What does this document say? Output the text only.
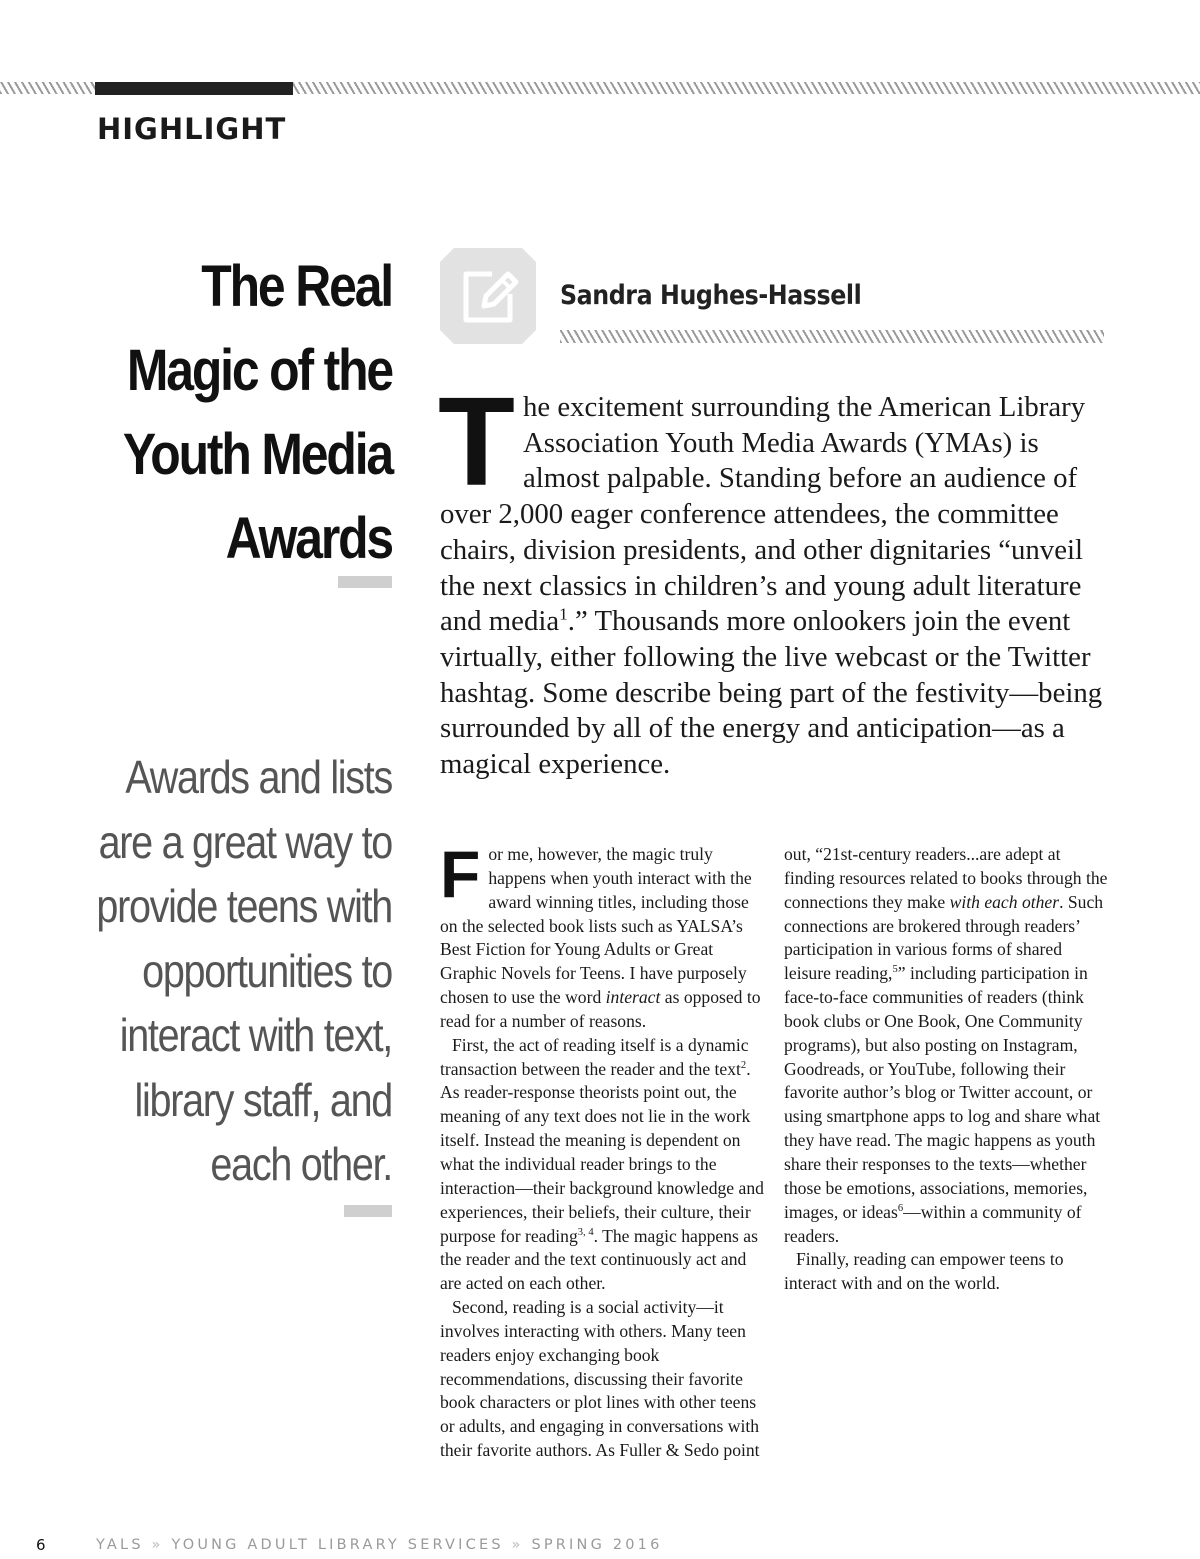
HIGHLIGHT
The Real Magic of the Youth Media Awards
Awards and lists are a great way to provide teens with opportunities to interact with text, library staff, and each other.
Sandra Hughes-Hassell

The excitement surrounding the American Library Association Youth Media Awards (YMAs) is almost palpable. Standing before an audience of over 2,000 eager conference attendees, the committee chairs, division presidents, and other dignitaries “unveil the next classics in children’s and young adult literature and media$^1$.” Thousands more onlookers join the event virtually, either following the live webcast or the Twitter hashtag. Some describe being part of the festivity—being surrounded by all of the energy and anticipation—as a magical experience.

For me, however, the magic truly happens when youth interact with the award winning titles, including those on the selected book lists such as YALSA’s Best Fiction for Young Adults or Great Graphic Novels for Teens. I have purposely chosen to use the word interact as opposed to read for a number of reasons.

First, the act of reading itself is a dynamic transaction between the reader and the text$^2$. As reader-response theorists point out, the meaning of any text does not lie in the work itself. Instead the meaning is dependent on what the individual reader brings to the interaction—their background knowledge and experiences, their beliefs, their culture, their purpose for reading$^{3, 4}$. The magic happens as the reader and the text continuously act and are acted on each other.

Second, reading is a social activity—it involves interacting with others. Many teen readers enjoy exchanging book recommendations, discussing their favorite book characters or plot lines with other teens or adults, and engaging in conversations with their favorite authors. As Fuller & Sedo point

out, “21st-century readers...are adept at finding resources related to books through the connections they make with each other. Such connections are brokered through readers’ participation in various forms of shared leisure reading,$^5$” including participation in face-to-face communities of readers (think book clubs or One Book, One Community programs), but also posting on Instagram, Goodreads, or YouTube, following their favorite author’s blog or Twitter account, or using smartphone apps to log and share what they have read. The magic happens as youth share their responses to the texts—whether those be emotions, associations, memories, images, or ideas$^6$—within a community of readers.

Finally, reading can empower teens to interact with and on the world.

6	YALS » YOUNG ADULT LIBRARY SERVICES » SPRING 2016
